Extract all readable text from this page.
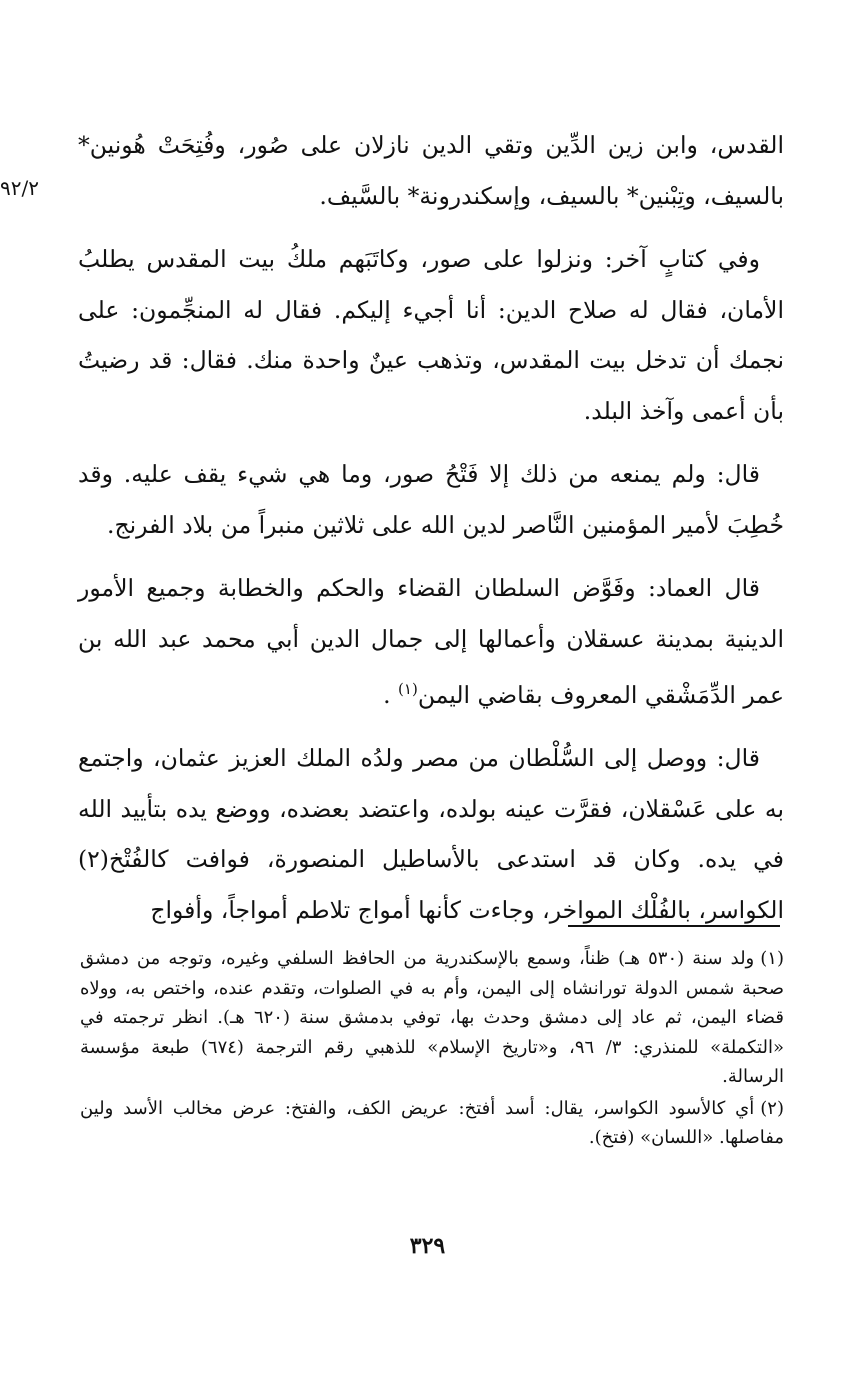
٩٢/٢

القدس، وابن زين الدِّين وتقي الدين نازلان على صُور، وفُتِحَتْ هُونين* بالسيف، وتِبْنين* بالسيف، وإسكندرونة* بالسَّيف.

وفي كتابٍ آخر: ونزلوا على صور، وكاتَبَهم ملكُ بيت المقدس يطلبُ الأمان، فقال له صلاح الدين: أنا أجيء إليكم. فقال له المنجِّمون: على نجمك أن تدخل بيت المقدس، وتذهب عينٌ واحدة منك. فقال: قد رضيتُ بأن أعمى وآخذ البلد.

قال: ولم يمنعه من ذلك إلا فَتْحُ صور، وما هي شيء يقف عليه. وقد خُطِبَ لأمير المؤمنين النَّاصر لدين الله على ثلاثين منبراً من بلاد الفرنج.

قال العماد: وفَوَّض السلطان القضاء والحكم والخطابة وجميع الأمور الدينية بمدينة عسقلان وأعمالها إلى جمال الدين أبي محمد عبد الله بن عمر الدِّمَشْقي المعروف بقاضي اليمن$^{(١)}$ .

قال: ووصل إلى السُّلْطان من مصر ولدُه الملك العزيز عثمان، واجتمع به على عَسْقلان، فقرَّت عينه بولده، واعتضد بعضده، ووضع يده بتأييد الله في يده. وكان قد استدعى بالأساطيل المنصورة، فوافت كالفُتْخ(٢) الكواسر، بالفُلْك المواخر، وجاءت كأنها أمواج تلاطم أمواجاً، وأفواج

(١)ولد سنة (٥٣٠ هـ) ظناً، وسمع بالإسكندرية من الحافظ السلفي وغيره، وتوجه من دمشق صحبة شمس الدولة تورانشاه إلى اليمن، وأم به في الصلوات، وتقدم عنده، واختص به، وولاه قضاء اليمن، ثم عاد إلى دمشق وحدث بها، توفي بدمشق سنة (٦٢٠ هـ). انظر ترجمته في «التكملة» للمنذري: ٣/ ٩٦، و«تاريخ الإسلام» للذهبي رقم الترجمة (٦٧٤) طبعة مؤسسة الرسالة.

(٢)أي كالأسود الكواسر، يقال: أسد أفتخ: عريض الكف، والفتخ: عرض مخالب الأسد ولين مفاصلها. «اللسان» (فتخ).

٣٢٩
